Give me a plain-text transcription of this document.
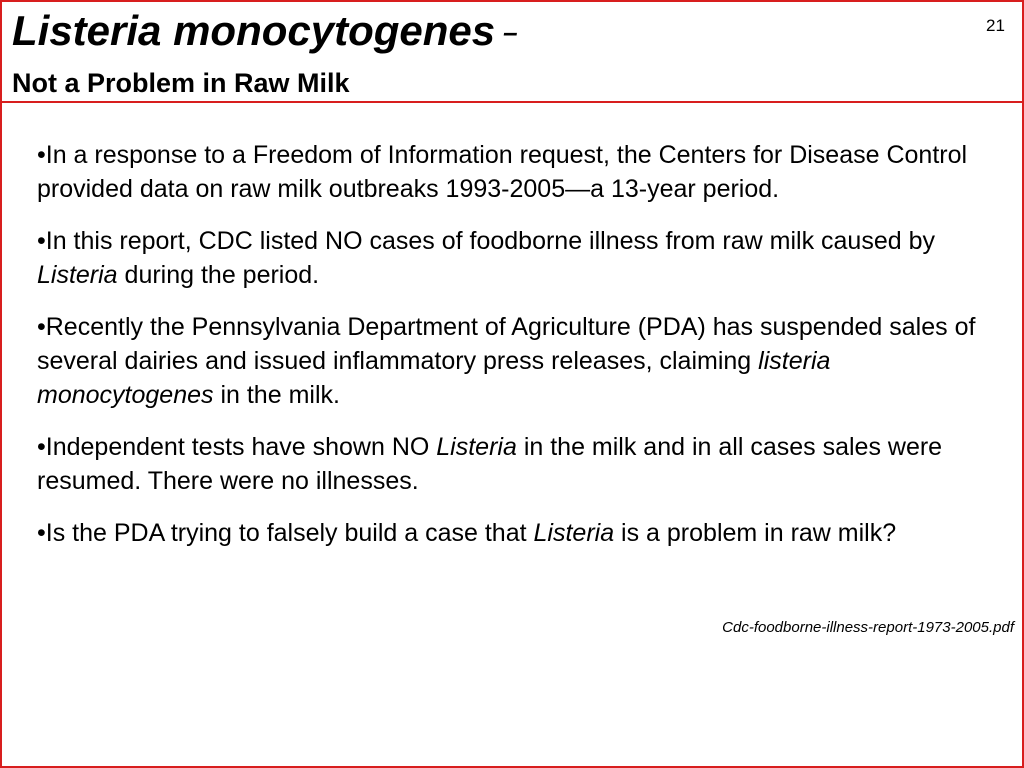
Listeria monocytogenes –
Not a Problem in Raw Milk
21

•In a response to a Freedom of Information request, the Centers for Disease Control provided data on raw milk outbreaks 1993-2005—a 13-year period.

•In this report, CDC listed NO cases of foodborne illness from raw milk caused by Listeria during the period.

•Recently the Pennsylvania Department of Agriculture (PDA) has suspended sales of several dairies and issued inflammatory press releases, claiming listeria monocytogenes in the milk.

•Independent tests have shown NO Listeria in the milk and in all cases sales were resumed. There were no illnesses.

•Is the PDA trying to falsely build a case that Listeria is a problem in raw milk?

Cdc-foodborne-illness-report-1973-2005.pdf
